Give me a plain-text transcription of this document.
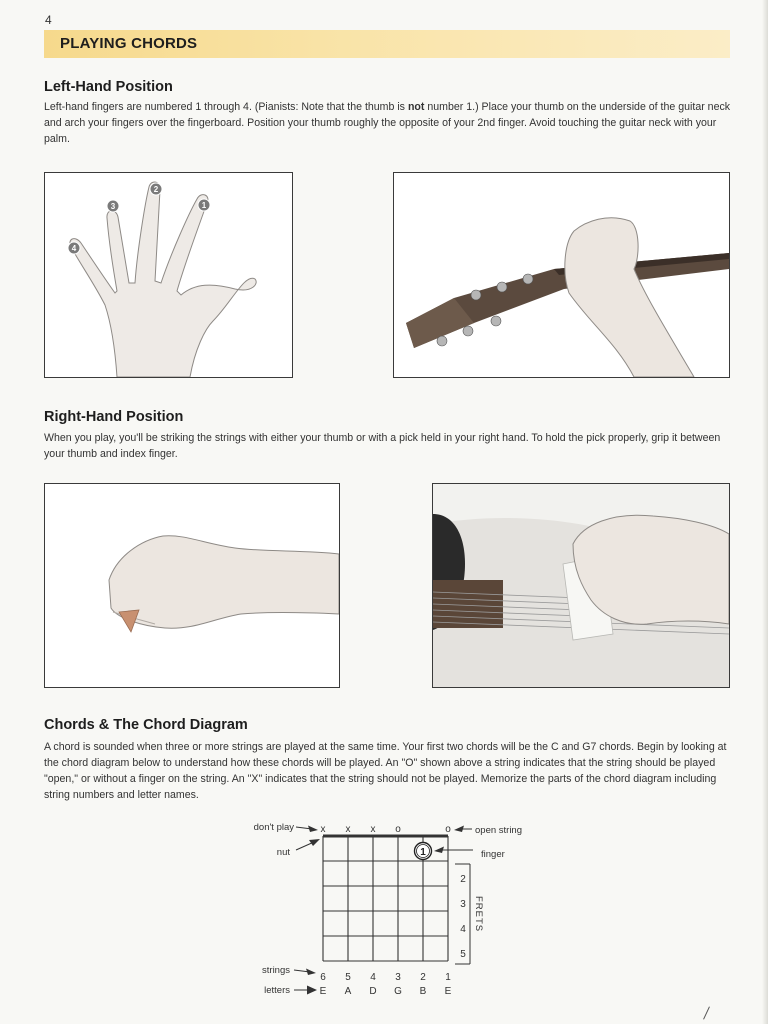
4
PLAYING CHORDS
Left-Hand Position

Left-hand fingers are numbered 1 through 4. (Pianists: Note that the thumb is not number 1.) Place your thumb on the underside of the guitar neck and arch your fingers over the fingerboard. Position your thumb roughly the opposite of your 2nd finger. Avoid touching the guitar neck with your palm.

1
2
3
4
Right-Hand Position

When you play, you'll be striking the strings with either your thumb or with a pick held in your right hand. To hold the pick properly, grip it between your thumb and index finger.

Chords & The Chord Diagram

A chord is sounded when three or more strings are played at the same time. Your first two chords will be the C and G7 chords. Begin by looking at the chord diagram below to understand how these chords will be played. An "O" shown above a string indicates that the string should be played "open," or without a finger on the string. An "X" indicates that the string should not be played. Memorize the parts of the chord diagram including string numbers and letter names.

x x x o	o
don't play
nut
open string
1	finger
2
3
4
5
FRETS
strings
6 5 4 3 2 1
letters	E A D G B E
